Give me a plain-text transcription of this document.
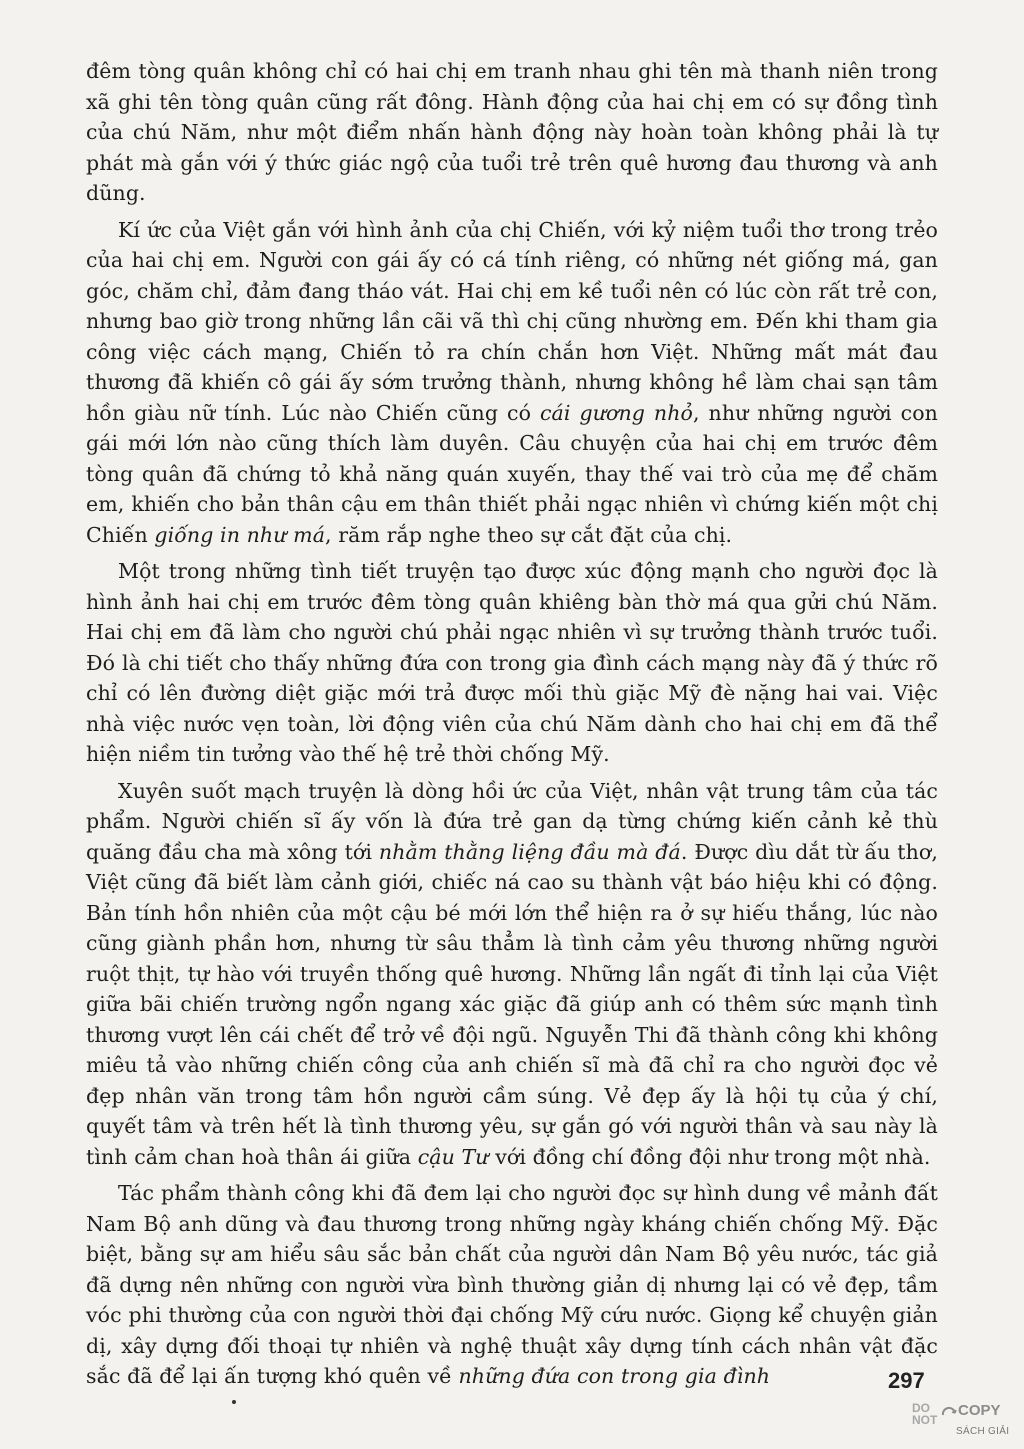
đêm tòng quân không chỉ có hai chị em tranh nhau ghi tên mà thanh niên trong xã ghi tên tòng quân cũng rất đông. Hành động của hai chị em có sự đồng tình của chú Năm, như một điểm nhấn hành động này hoàn toàn không phải là tự phát mà gắn với ý thức giác ngộ của tuổi trẻ trên quê hương đau thương và anh dũng.

Kí ức của Việt gắn với hình ảnh của chị Chiến, với kỷ niệm tuổi thơ trong trẻo của hai chị em. Người con gái ấy có cá tính riêng, có những nét giống má, gan góc, chăm chỉ, đảm đang tháo vát. Hai chị em kề tuổi nên có lúc còn rất trẻ con, nhưng bao giờ trong những lần cãi vã thì chị cũng nhường em. Đến khi tham gia công việc cách mạng, Chiến tỏ ra chín chắn hơn Việt. Những mất mát đau thương đã khiến cô gái ấy sớm trưởng thành, nhưng không hề làm chai sạn tâm hồn giàu nữ tính. Lúc nào Chiến cũng có cái gương nhỏ, như những người con gái mới lớn nào cũng thích làm duyên. Câu chuyện của hai chị em trước đêm tòng quân đã chứng tỏ khả năng quán xuyến, thay thế vai trò của mẹ để chăm em, khiến cho bản thân cậu em thân thiết phải ngạc nhiên vì chứng kiến một chị Chiến giống in như má, răm rắp nghe theo sự cắt đặt của chị.

Một trong những tình tiết truyện tạo được xúc động mạnh cho người đọc là hình ảnh hai chị em trước đêm tòng quân khiêng bàn thờ má qua gửi chú Năm. Hai chị em đã làm cho người chú phải ngạc nhiên vì sự trưởng thành trước tuổi. Đó là chi tiết cho thấy những đứa con trong gia đình cách mạng này đã ý thức rõ chỉ có lên đường diệt giặc mới trả được mối thù giặc Mỹ đè nặng hai vai. Việc nhà việc nước vẹn toàn, lời động viên của chú Năm dành cho hai chị em đã thể hiện niềm tin tưởng vào thế hệ trẻ thời chống Mỹ.

Xuyên suốt mạch truyện là dòng hồi ức của Việt, nhân vật trung tâm của tác phẩm. Người chiến sĩ ấy vốn là đứa trẻ gan dạ từng chứng kiến cảnh kẻ thù quăng đầu cha mà xông tới nhằm thằng liệng đầu mà đá. Được dìu dắt từ ấu thơ, Việt cũng đã biết làm cảnh giới, chiếc ná cao su thành vật báo hiệu khi có động. Bản tính hồn nhiên của một cậu bé mới lớn thể hiện ra ở sự hiếu thắng, lúc nào cũng giành phần hơn, nhưng từ sâu thẳm là tình cảm yêu thương những người ruột thịt, tự hào với truyền thống quê hương. Những lần ngất đi tỉnh lại của Việt giữa bãi chiến trường ngổn ngang xác giặc đã giúp anh có thêm sức mạnh tình thương vượt lên cái chết để trở về đội ngũ. Nguyễn Thi đã thành công khi không miêu tả vào những chiến công của anh chiến sĩ mà đã chỉ ra cho người đọc vẻ đẹp nhân văn trong tâm hồn người cầm súng. Vẻ đẹp ấy là hội tụ của ý chí, quyết tâm và trên hết là tình thương yêu, sự gắn gó với người thân và sau này là tình cảm chan hoà thân ái giữa cậu Tư với đồng chí đồng đội như trong một nhà.

Tác phẩm thành công khi đã đem lại cho người đọc sự hình dung về mảnh đất Nam Bộ anh dũng và đau thương trong những ngày kháng chiến chống Mỹ. Đặc biệt, bằng sự am hiểu sâu sắc bản chất của người dân Nam Bộ yêu nước, tác giả đã dựng nên những con người vừa bình thường giản dị nhưng lại có vẻ đẹp, tầm vóc phi thường của con người thời đại chống Mỹ cứu nước. Giọng kể chuyện giản dị, xây dựng đối thoại tự nhiên và nghệ thuật xây dựng tính cách nhân vật đặc sắc đã để lại ấn tượng khó quên về những đứa con trong gia đình	297
DO NOT
COPY
SÁCH GIẢI
